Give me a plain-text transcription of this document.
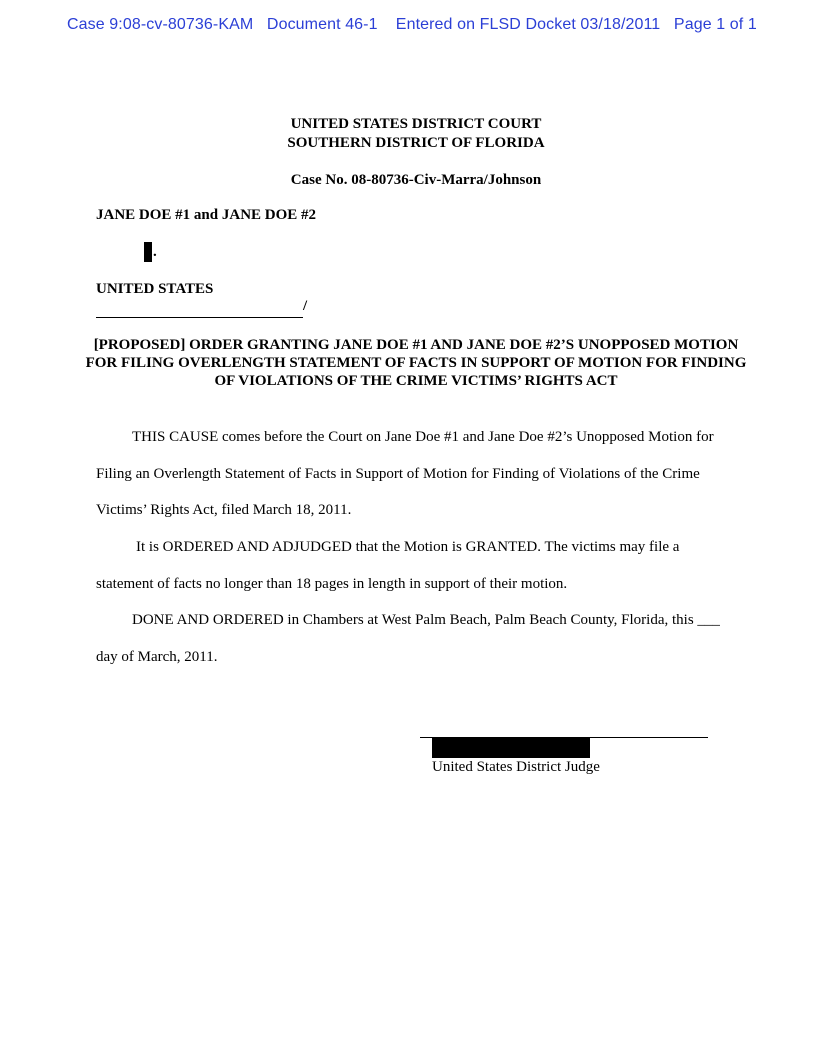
Case 9:08-cv-80736-KAM   Document 46-1    Entered on FLSD Docket 03/18/2011   Page 1 of 1
UNITED STATES DISTRICT COURT
SOUTHERN DISTRICT OF FLORIDA
Case No. 08-80736-Civ-Marra/Johnson
JANE DOE #1 and JANE DOE #2
.
UNITED STATES
/
[PROPOSED] ORDER GRANTING JANE DOE #1 AND JANE DOE #2’S UNOPPOSED MOTION FOR FILING OVERLENGTH STATEMENT OF FACTS IN SUPPORT OF MOTION FOR FINDING OF VIOLATIONS OF THE CRIME VICTIMS’ RIGHTS ACT

THIS CAUSE comes before the Court on Jane Doe #1 and Jane Doe #2’s Unopposed Motion for Filing an Overlength Statement of Facts in Support of Motion for Finding of Violations of the Crime Victims’ Rights Act, filed March 18, 2011.

It is ORDERED AND ADJUDGED that the Motion is GRANTED. The victims may file a statement of facts no longer than 18 pages in length in support of their motion.

DONE AND ORDERED in Chambers at West Palm Beach, Palm Beach County, Florida, this ___ day of March, 2011.

United States District Judge
